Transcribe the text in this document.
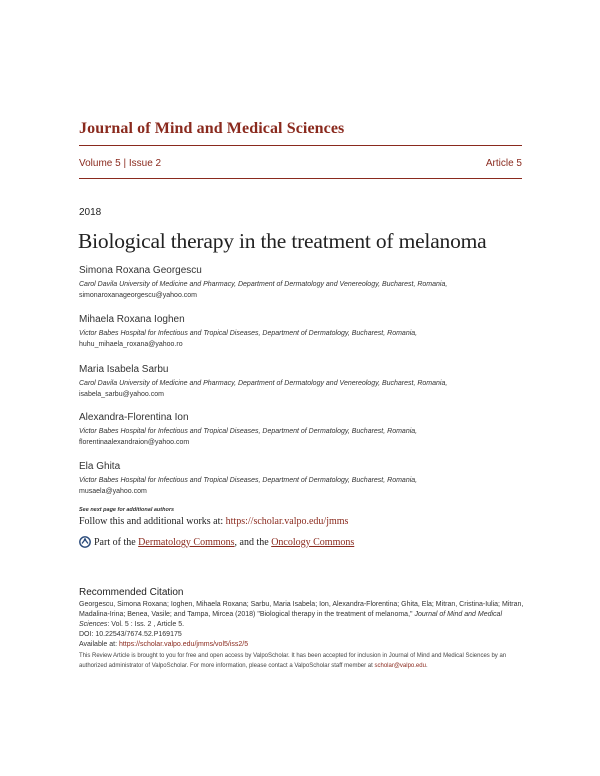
Journal of Mind and Medical Sciences
Volume 5 | Issue 2	Article 5
2018
Biological therapy in the treatment of melanoma
Simona Roxana Georgescu
Carol Davila University of Medicine and Pharmacy, Department of Dermatology and Venereology, Bucharest, Romania,
simonaroxanageorgescu@yahoo.com
Mihaela Roxana Ioghen
Victor Babes Hospital for Infectious and Tropical Diseases, Department of Dermatology, Bucharest, Romania,
huhu_mihaela_roxana@yahoo.ro
Maria Isabela Sarbu
Carol Davila University of Medicine and Pharmacy, Department of Dermatology and Venereology, Bucharest, Romania,
isabela_sarbu@yahoo.com
Alexandra-Florentina Ion
Victor Babes Hospital for Infectious and Tropical Diseases, Department of Dermatology, Bucharest, Romania,
florentinaalexandraion@yahoo.com
Ela Ghita
Victor Babes Hospital for Infectious and Tropical Diseases, Department of Dermatology, Bucharest, Romania,
musaela@yahoo.com
See next page for additional authors
Follow this and additional works at: https://scholar.valpo.edu/jmms
Part of the
Dermatology Commons , and the
Oncology Commons
Recommended Citation
Georgescu, Simona Roxana; Ioghen, Mihaela Roxana; Sarbu, Maria Isabela; Ion, Alexandra-Florentina; Ghita, Ela; Mitran, Cristina-Iulia; Mitran, Madalina-Irina; Benea, Vasile; and Tampa, Mircea (2018) "Biological therapy in the treatment of melanoma," Journal of Mind and Medical Sciences: Vol. 5 : Iss. 2 , Article 5.
DOI: 10.22543/7674.52.P169175
Available at: https://scholar.valpo.edu/jmms/vol5/iss2/5
This Review Article is brought to you for free and open access by ValpoScholar. It has been accepted for inclusion in Journal of Mind and Medical Sciences by an authorized administrator of ValpoScholar. For more information, please contact a ValpoScholar staff member at scholar@valpo.edu.
